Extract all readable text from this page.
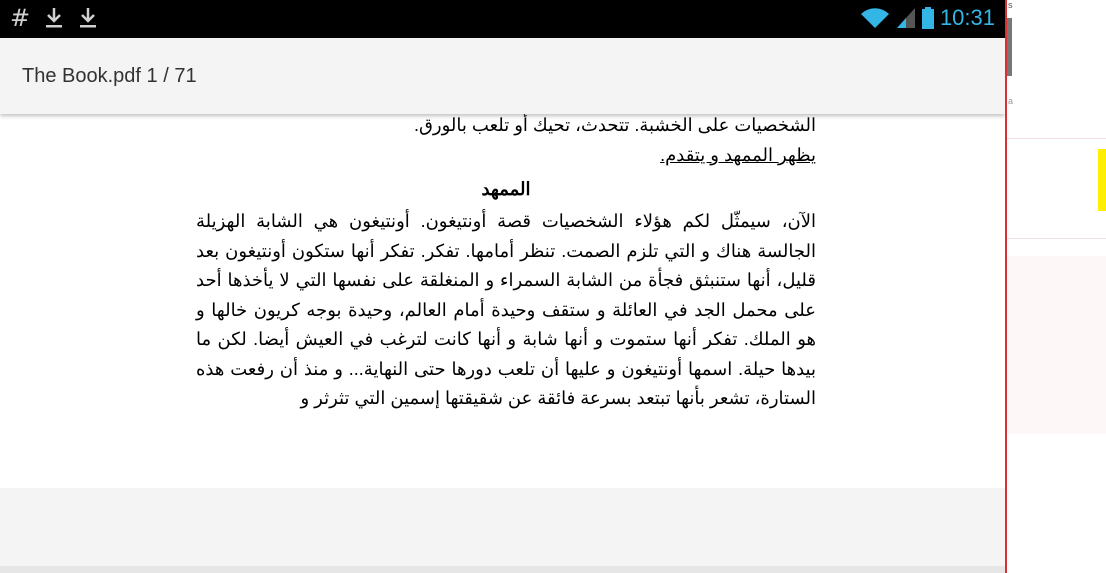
#	10:31
The Book.pdf 1 / 71
الشخصيات على الخشبة. تتحدث، تحيك أو تلعب بالورق.
يظهر الممهد و يتقدم.
الممهد
الآن، سيمثّل لكم هؤلاء الشخصيات قصة أونتيغون. أونتيغون هي الشابة الهزيلة الجالسة هناك و التي تلزم الصمت. تنظر أمامها. تفكر. تفكر أنها ستكون أونتيغون بعد قليل، أنها ستنبثق فجأة من الشابة السمراء و المنغلقة على نفسها التي لا يأخذها أحد على محمل الجد في العائلة و ستقف وحيدة أمام العالم، وحيدة بوجه كريون خالها و هو الملك. تفكر أنها ستموت و أنها شابة و أنها كانت لترغب في العيش أيضا. لكن ما بيدها حيلة. اسمها أونتيغون و عليها أن تلعب دورها حتى النهاية... و منذ أن رفعت هذه الستارة، تشعر بأنها تبتعد بسرعة فائقة عن شقيقتها إسمين التي تثرثر و
s
a
